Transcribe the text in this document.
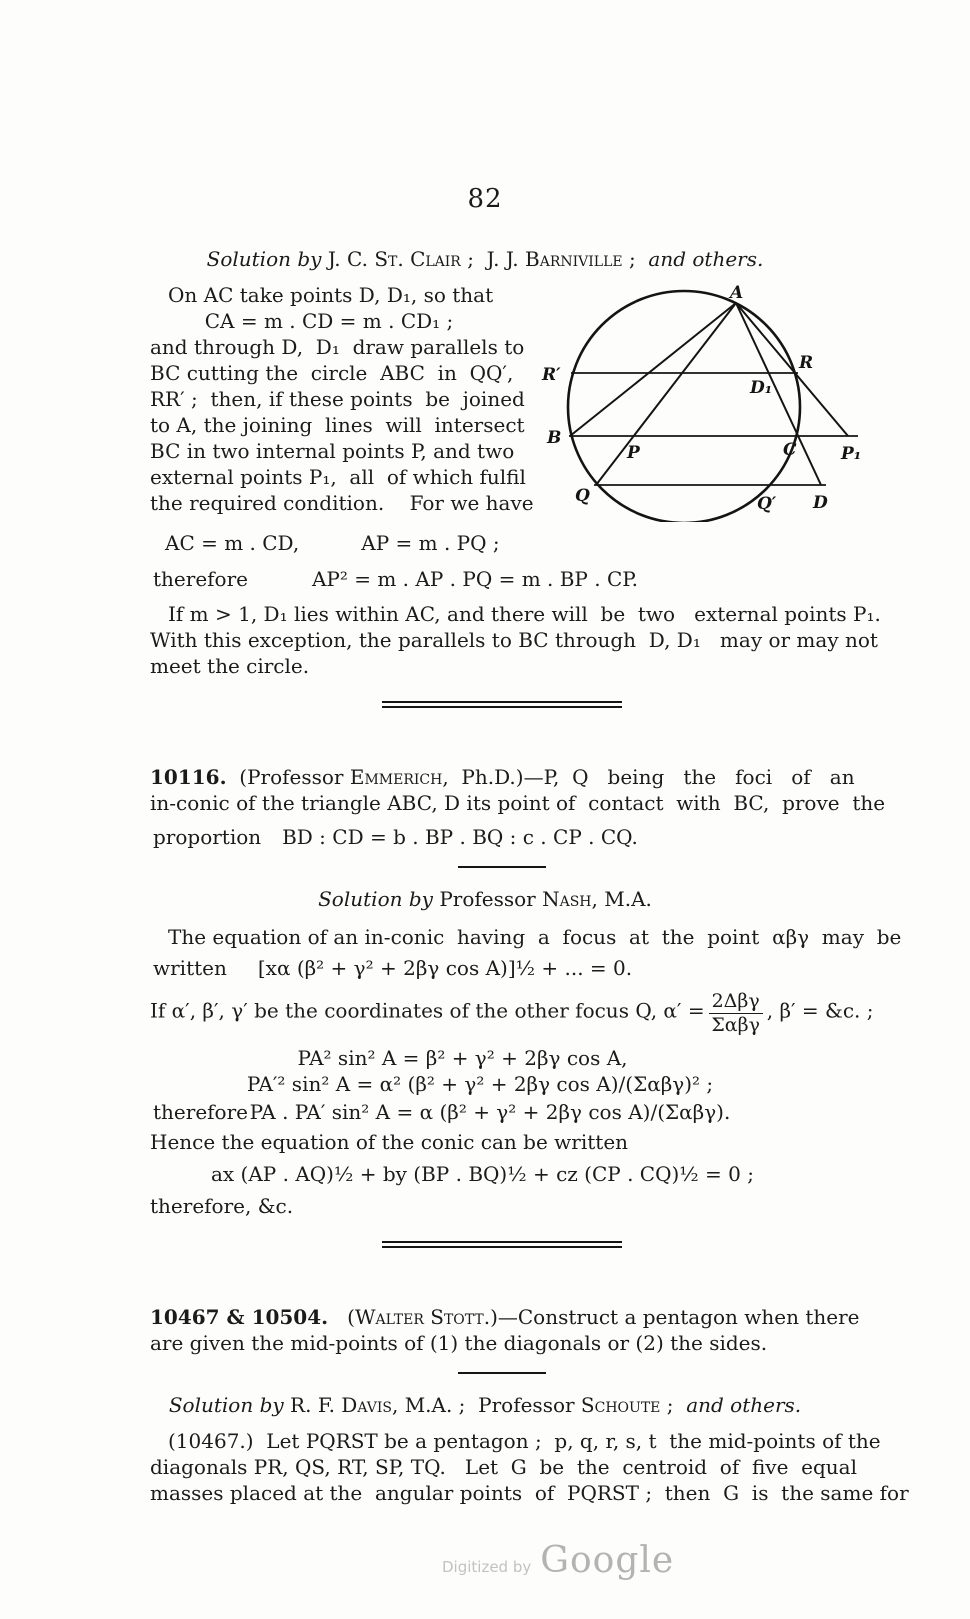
82
Solution by J. C. St. Clair ;  J. J. Barniville ;  and others.
On AC take points D, D₁, so that
CA = m . CD = m . CD₁ ;
and through D,  D₁  draw parallels to
BC cutting the  circle  ABC  in  QQ′,
RR′ ;  then, if these points  be  joined
to A, the joining  lines  will  intersect
BC in two internal points P, and two
external points P₁,  all  of which fulfil
the required condition.    For we have
A
R′
R
D₁
B
P	C	P₁
Q	Q′ D
AC = m . CD,	AP = m . PQ ;
therefore	AP² = m . AP . PQ = m . BP . CP.
If m > 1, D₁ lies within AC, and there will  be  two   external points P₁.
With this exception, the parallels to BC through  D, D₁   may or may not
meet the circle.
10116.  (Professor Emmerich,  Ph.D.)—P,  Q   being   the   foci   of   an
in-conic of the triangle ABC, D its point of  contact  with  BC,  prove  the
proportion	BD : CD = b . BP . BQ : c . CP . CQ.
Solution by Professor Nash, M.A.
The equation of an in-conic  having  a  focus  at  the  point  αβγ  may  be
written	[xα (β² + γ² + 2βγ cos A)]½ + ... = 0.
If α′, β′, γ′ be the coordinates of the other focus Q, $\alpha' = \frac{\text{2Δβγ}}{\text{Σαβγ}}$ , β′ = &c. ;
PA² sin² A = β² + γ² + 2βγ cos A,
PA′² sin² A = α² (β² + γ² + 2βγ cos A)/(Σαβγ)² ;
therefore PA . PA′ sin² A = α (β² + γ² + 2βγ cos A)/(Σαβγ).
Hence the equation of the conic can be written
ax (AP . AQ)½ + by (BP . BQ)½ + cz (CP . CQ)½ = 0 ;
therefore, &c.
10467 & 10504.   (Walter Stott.)—Construct a pentagon when there
are given the mid-points of (1) the diagonals or (2) the sides.
Solution by R. F. Davis, M.A. ;  Professor Schoute ;  and others.
(10467.)  Let PQRST be a pentagon ;  p, q, r, s, t  the mid-points of the
diagonals PR, QS, RT, SP, TQ.   Let  G  be  the  centroid  of  five  equal
masses placed at the  angular points  of  PQRST ;  then  G  is  the same for
Digitized by Google
